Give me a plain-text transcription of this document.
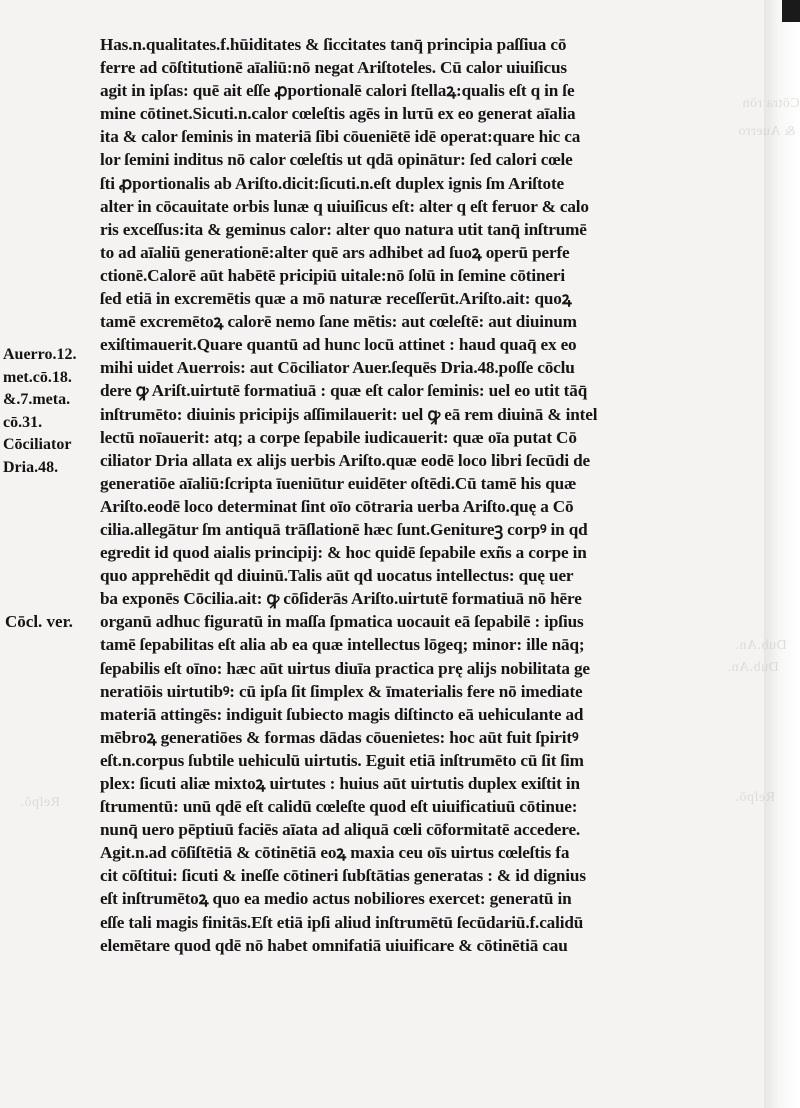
Cōtra rōn
& Auerro
Dub.An.
Dub.An.
Reſpō.
Reſpō.
Auerro.12.
met.cō.18.
&.7.meta.
cō.31.
Cōciliator
Dria.48.
Cōcl. ver.
Has.n.qualitates.f.hūiditates & ſiccitates tanq̄ principia paſſiua cō
ferre ad cōſtitutionē aīaliū:nō negat Ariſtoteles. Cū calor uiuiſicus
agit in ipſas: quē ait eſſe ꝓportionalē calori ſtellaꝝ:qualis eſt q in ſe
mine cōtinet.Sicuti.n.calor cœleſtis agēs in luτū ex eo generat aīalia
ita & calor ſeminis in materiā ſibi cōueniētē idē operat:quare hic ca
lor ſemini inditus nō calor cœleſtis ut qdā opinātur: ſed calori cœle
ſti ꝓportionalis ab Ariſto.dicit:ſicuti.n.eſt duplex ignis ſm Ariſtote
alter in cōcauitate orbis lunæ q uiuiſicus eſt: alter q eſt feruor & calo
ris exceſſus:ita & geminus calor: alter quo natura utit tanq̄ inſtrumē
to ad aīaliū generationē:alter quē ars adhibet ad ſuoꝝ operū perfe
ctionē.Calorē aūt habētē pricipiū uitale:nō ſolū in ſemine cōtineri
ſed etiā in excremētis quæ a mō naturæ receſſerūt.Ariſto.ait: quoꝝ
tamē excremētoꝝ calorē nemo ſane mētis: aut cœleſtē: aut diuinum
exiſtimauerit.Quare quantū ad hunc locū attinet : haud quaq̄ ex eo
mihi uidet Auerrois: aut Cōciliator Auer.ſequēs Dria.48.poſſe cōclu
dere ꝙ Ariſt.uirtutē formatiuā : quæ eſt calor ſeminis: uel eo utit tāq̄
inſtrumēto: diuinis pricipijs aſſimilauerit: uel ꝙ eā rem diuinā & intel
lectū noīauerit: atq; a corpe ſepabile iudicauerit: quæ oīa putat Cō
ciliator Dria allata ex alijs uerbis Ariſto.quæ eodē loco libri ſecūdi de
generatiōe aīaliū:ſcripta īueniūtur euidēter oſtēdi.Cū tamē his quæ
Ariſto.eodē loco determinat ſint oīo cōtraria uerba Ariſto.quę a Cō
cilia.allegātur ſm antiquā trāſlationē hæc ſunt.Genitureꝫ corpꝰ in qd
egredit id quod aialis principij: & hoc quidē ſepabile exñs a corpe in
quo apprehēdit qd diuinū.Talis aūt qd uocatus intellectus: quę uer
ba exponēs Cōcilia.ait: ꝙ cōſiderās Ariſto.uirtutē formatiuā nō hēre
organū adhuc figuratū in maſſa ſpmatica uocauit eā ſepabilē : ipſius
tamē ſepabilitas eſt alia ab ea quæ intellectus lōgeq; minor: ille nāq;
ſepabilis eſt oīno: hæc aūt uirtus diuīa practica prę alijs nobilitata ge
neratiōis uirtutibꝰ: cū ipſa ſit ſimplex & īmaterialis fere nō imediate
materiā attingēs: indiguit ſubiecto magis diſtincto eā uehiculante ad
mēbroꝝ generatiōes & formas dādas cōuenietes: hoc aūt fuit ſpiritꝰ
eſt.n.corpus ſubtile uehiculū uirtutis. Eguit etiā inſtrumēto cū ſit ſim
plex: ſicuti aliæ mixtoꝝ uirtutes : huius aūt uirtutis duplex exiſtit in
ſtrumentū: unū qdē eſt calidū cœleſte quod eſt uiuificatiuū cōtinue:
nunq̄ uero pēptiuū faciēs aīata ad aliquā cœli cōformitatē accedere.
Agit.n.ad cōſiſtētiā & cōtinētiā eoꝝ maxia ceu oīs uirtus cœleſtis fa
cit cōſtitui: ſicuti & ineſſe cōtineri ſubſtātias generatas : & id dignius
eſt inſtrumētoꝝ quo ea medio actus nobiliores exercet: generatū in
eſſe tali magis finitās.Eſt etiā ipſi aliud inſtrumētū ſecūdariū.f.calidū
elemētare quod qdē nō habet omnifatiā uiuificare & cōtinētiā cau
